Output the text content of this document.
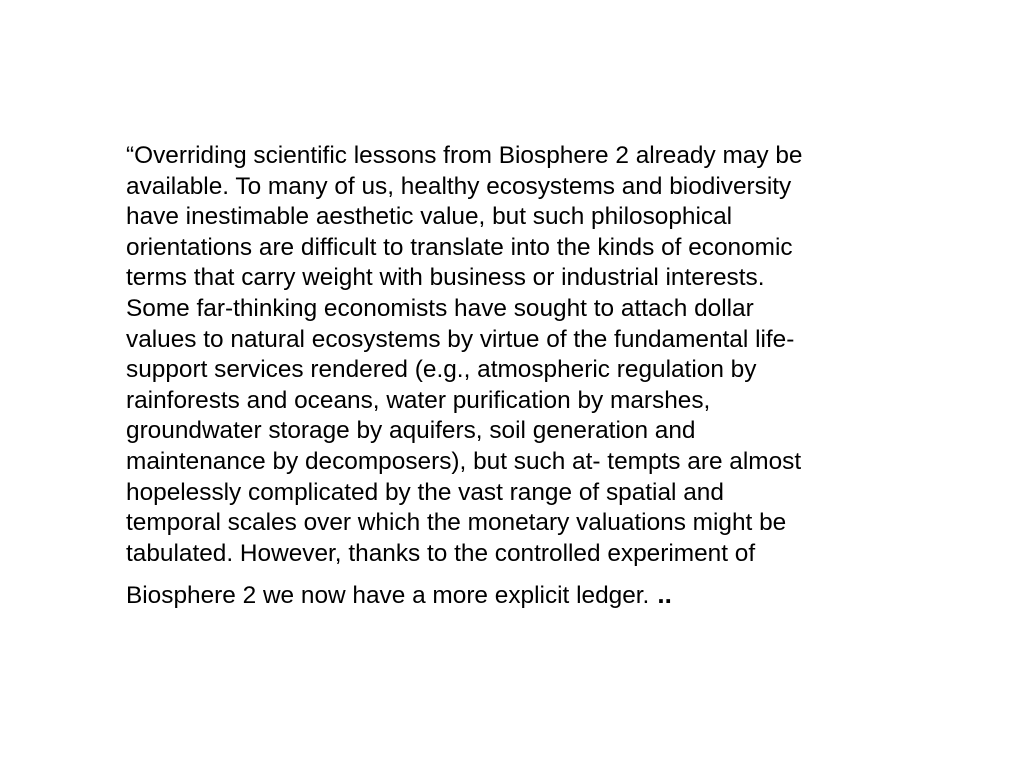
“Overriding scientific lessons from Biosphere 2 already may be
available. To many of us, healthy ecosystems and biodiversity
have inestimable aesthetic value, but such philosophical
orientations are difficult to translate into the kinds of economic
terms that carry weight with business or industrial interests.
Some far-thinking economists have sought to attach dollar
values to natural ecosystems by virtue of the fundamental life-
support services rendered (e.g., atmospheric regulation by
rainforests and oceans, water purification by marshes,
groundwater storage by aquifers, soil generation and
maintenance by decomposers), but such at- tempts are almost
hopelessly complicated by the vast range of spatial and
temporal scales over which the monetary valuations might be
tabulated. However, thanks to the controlled experiment of
Biosphere 2 we now have a more explicit ledger. ..
